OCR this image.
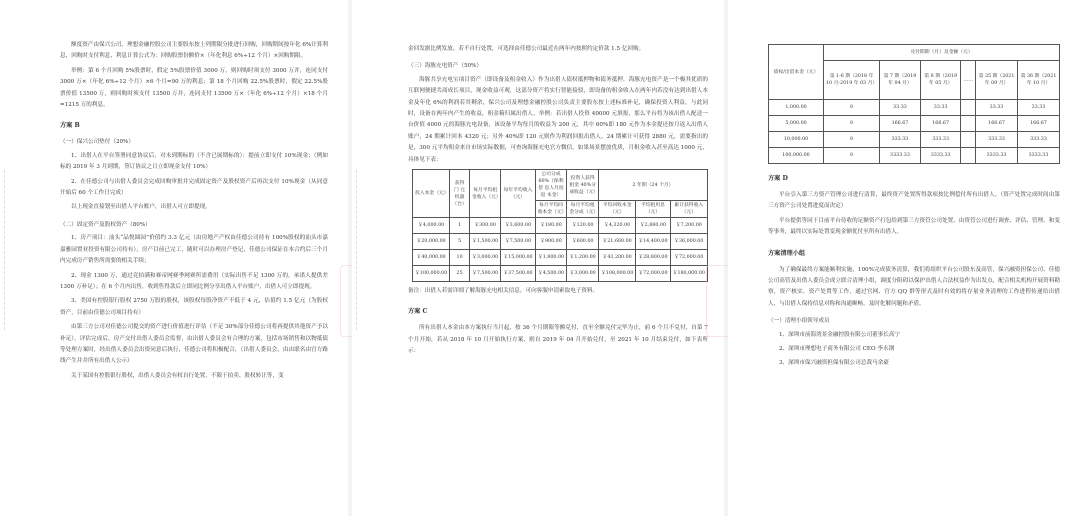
额度资产由保兴公司、理想金融控股公司主要股东按上列期限分批进行回购，回购期间按年化 6%计算利息，回购时支付利息，利息计算公式为：回购股票份额价×（年化利息 6%÷12 个月）×回购期限。

举例：第 6 个月回购 5%股票时，假定 5%股票价值 3000 万，则回购时须支付 3000 万并，连同支付 3000 万×（年化 6%÷12 个月）×6 个月=90 万的利息；第 18 个月回购 22.5%股票时，假定 22.5%股票价值 13500 万，则回购时须支付 13500 万并，连同支付 13500 万×（年化 6%÷12 个月）×18 个月=1215 万的利息。

方案 B

（一）保兴公司垫付（20%）

1、出借人在平台签署同意协议后，对未到期标的（不含已展期标的）：提前立即支付 10%现金；（例如标的 2019 年 3 月到期，签订协议之日立即现金支付 10%）

2、在佳德公司与出借人委员会完成回购审批并完成固定资产及股权资产后再次支付 10%现金（从同意开始后 60 个工作日完成）

以上现金直接划至出借人平台账户，出借人可立即提现。

（二）固定资产及股权资产（80%）

1、房产项目：汕头“品悦圆园”价值约 3.3 亿元（由房地产产权由佳德公司持有 100%股权的汕头市嘉嘉雅园置业投资有限公司持有），房产目前已完工，随时可以办理房产登记，佳德公司保证在本合约后三个月内完成房产销售所需要的相关手续；

2、现金 1300 万，通过竞拍满和赛帝网赛季网赛所需费用（实际出售不足 1300 万的，承诺人提供差 1300 万补足）；在 6 个月内出售，收到售得款后立即同比例分享出借人平台账户，出借人可立即提现。

3、美国有控股银行股权 2750 万股的股权，该股权每股净资产不低于 4 元，估值约 1.5 亿元（为股权资产，目前由佳德公司项目持有）

由第三方公司对佳德公司提交的资产进行价值进行评估（不足 30%部分佳德公司将再提供其他资产予以补足），评估完成后，房产交付出借人委员会监督，由出借人委员会有合理的方案，包括市场销售和以物抵债等处理方案时，经出借人委员会出资同意后执行，佳德公司将积极配合，（出借人委员会，由由联名由官方路线产生并并所有出借人公示）

关于某国有控股银行股权，出借人委员会有权自行处置，不限于拍卖、股权转让等，变

金回发据比例发放。若不自行处置，可选择由佳德公司最近在两年内按照约定价款 1.5 亿回购。

（三）海豚充电资产（50%）

海豚共享充电宝项目资产（即设备及租金收入）作为出借人债权抵押物和债务抵押，海豚充电资产是一个极其优质的互联网便捷共商成长项目，现金收益可观，这部分资产将实行智能接驳，即设备的租金收入在两年内若没有达到出借人本金及年化 6%的利润若其剩余，保兴公司及理想金融控股公司负责主要股东按上述标准补足，确保投资人利益，与此同时，设备在两年内产生的收益，租金箱归属出借人。举例：若出借人投资 40000 元填报，那么平台将为该出借人配送一台价值 4000 元的海豚充电设备，该设备平均每月的收益为 200 元，其中 60%即 180 元作为本金提还按月返入出借人账户，24 期累计回本 4320 元；另外 40%即 120 元则作为利润回报出借人，24 期累计可获得 2880 元，需要指出的是，300 元平均租金来自市场实际数据，可查询海豚充电官方微信，如果场景摆放优质，月租金收入甚至高达 1000 元，具体见下表：

投入本金（元）	获得 门 仓 机器（台）	每月平均租金收入（元）	每年平均收入（元）	公司分成 60%（保利偿 息人月度返 本金）	投资人获得 租金 40%分 成收益（元）	2 年期（24 个月）		
				每月平均回收本金（元）	每月平均租金分成（元）	平均回收本金（元）	平均租用息（元）	累计获得收入（元）
￥4,000.00	1	￥300.00	￥3,600.00	￥180.00	￥120.00	￥4,320.00	￥2,880.00	￥7,200.00
￥20,000.00	5	￥1,500.00	￥7,500.00	￥900.00	￥600.00	￥21,600.00	￥14,400.00	￥36,000.00
￥40,000.00	10	￥3,000.00	￥15,000.00	￥1,800.00	￥1,200.00	￥43,200.00	￥28,800.00	￥72,000.00
￥100,000.00	25	￥7,500.00	￥37,500.00	￥4,500.00	￥3,000.00	￥108,000.00	￥72,000.00	￥180,000.00

备注：出借人若需详细了解海豚充电相关信息，可向客服申请索取电子资料。

方案 C

所有出借人本金由本方案执行当月起，按 36 个月期限等额兑付，直至全额兑付完毕为止，前 6 个月不兑付，自第 7 个月开始，若从 2018 年 10 月开始执行方案，则自 2019 年 04 月开始兑付，至 2021 年 10 月结束兑付，如下表所示：

债权/出借本金（元）	兑付期期（月）及金额（元）					
	第 1-6 期（2018 年 10 月-2019 年 03 月）	第 7 期（2019 年 04 月）	第 8 期（2019 年 05 月）	……	第 35 期（2021 年 09 月）	第 36 期（2021 年 10 月）
1,000.00	0	33.33	33.33		33.33	33.33
5,000.00	0	166.67	166.67		166.67	166.67
10,000.00	0	333.33	333.33		333.33	333.33
100,000.00	0	3333.33	3333.33		3333.33	3333.33
方案 D

平台引入第三方资产管理公司进行清算，最终资产处置所得款项按比例偿付所有出借人。（资产处置完成时间由第三方资产公司处置进度而决定）

平台提供等同于目前平台待收的足额资产打包给到第三方资管公司处置，由资管公司进行调查、评估、管理、和变等事务，最终以实际处置变现金额优付至所有出借人。

方案清理小组

为了确保最终方案能顺利实施，100%完成债务清算，我们将组织平台公司股东及高管，保兴融资担保公司、佳德公司高管及出借人委员会成立联合清理小组，调度分阻碍以保护出借人合法权益作为出发点，配合相关机构开展资料勘察，资产核实、资产处置等工作，通过官网、官方 QQ 群等形式及时有效的将存量业务清理的工作进程传递给出借人，与出借人保持信息对称和沟通顺畅，及时化解问题和矛盾。

（一）清理小组领导成员

1、深圳市前海湾景金融控股有限公司董事长高宁

2、深圳市理想电子商务有限公司 CEO 李永钢

3、深圳市保兴融资担保有限公司总裁马余豪
